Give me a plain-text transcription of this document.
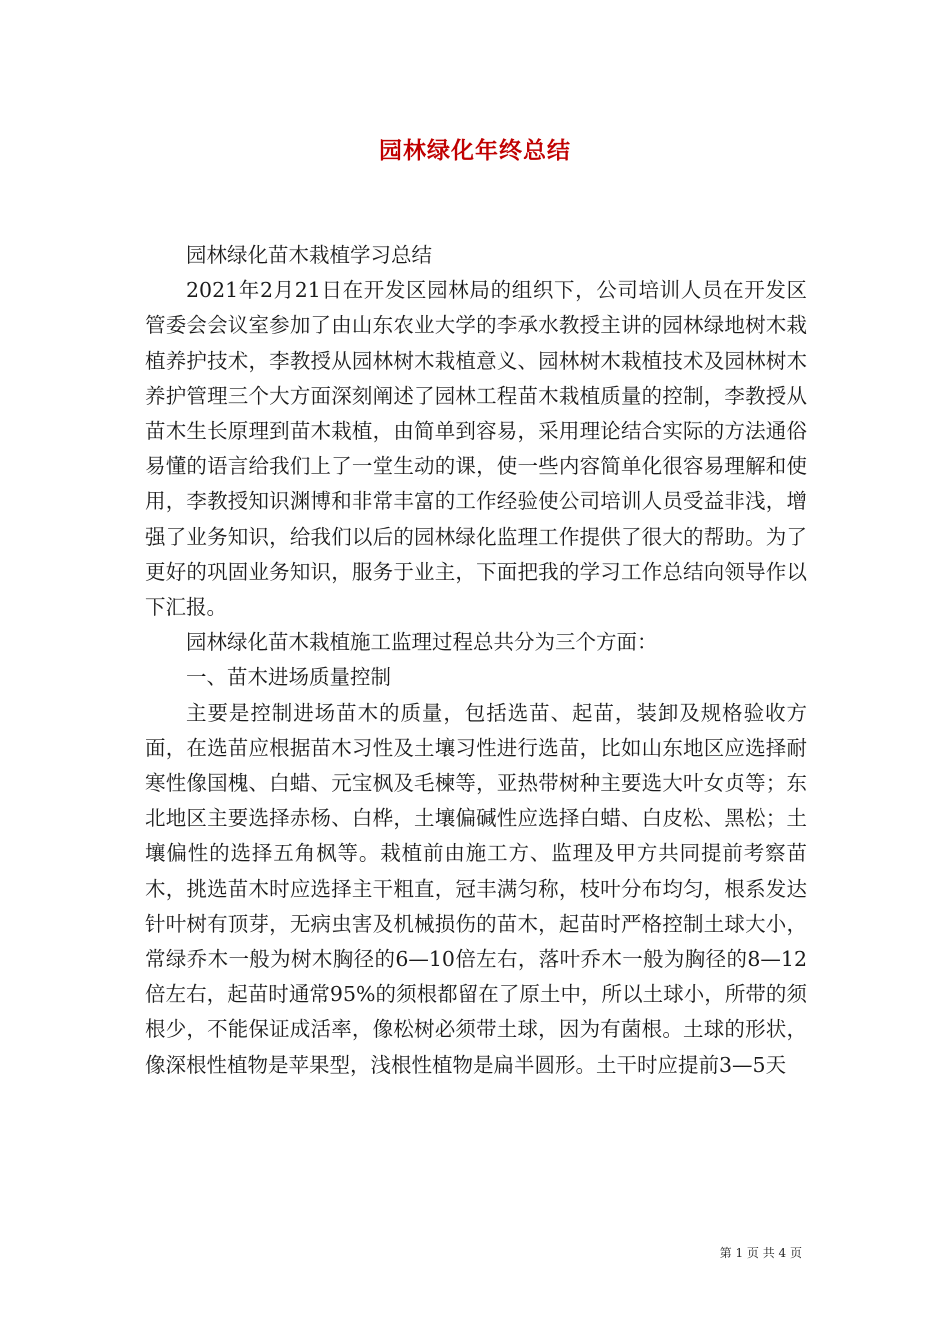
园林绿化年终总结

园林绿化苗木栽植学习总结

2021年2月21日在开发区园林局的组织下，公司培训人员在开发区管委会会议室参加了由山东农业大学的李承水教授主讲的园林绿地树木栽植养护技术，李教授从园林树木栽植意义、园林树木栽植技术及园林树木养护管理三个大方面深刻阐述了园林工程苗木栽植质量的控制，李教授从苗木生长原理到苗木栽植，由简单到容易，采用理论结合实际的方法通俗易懂的语言给我们上了一堂生动的课，使一些内容简单化很容易理解和使用，李教授知识渊博和非常丰富的工作经验使公司培训人员受益非浅，增强了业务知识，给我们以后的园林绿化监理工作提供了很大的帮助。为了更好的巩固业务知识，服务于业主，下面把我的学习工作总结向领导作以下汇报。

园林绿化苗木栽植施工监理过程总共分为三个方面：

一、苗木进场质量控制

主要是控制进场苗木的质量，包括选苗、起苗，装卸及规格验收方面，在选苗应根据苗木习性及土壤习性进行选苗，比如山东地区应选择耐寒性像国槐、白蜡、元宝枫及毛楝等，亚热带树种主要选大叶女贞等；东北地区主要选择赤杨、白桦，土壤偏碱性应选择白蜡、白皮松、黑松；土壤偏性的选择五角枫等。栽植前由施工方、监理及甲方共同提前考察苗木，挑选苗木时应选择主干粗直，冠丰满匀称，枝叶分布均匀，根系发达针叶树有顶芽，无病虫害及机械损伤的苗木，起苗时严格控制土球大小，常绿乔木一般为树木胸径的6—10倍左右，落叶乔木一般为胸径的8—12倍左右，起苗时通常95%的须根都留在了原土中，所以土球小，所带的须根少，不能保证成活率，像松树必须带土球，因为有菌根。土球的形状，像深根性植物是苹果型，浅根性植物是扁半圆形。土干时应提前3—5天

第 1 页 共 4 页
